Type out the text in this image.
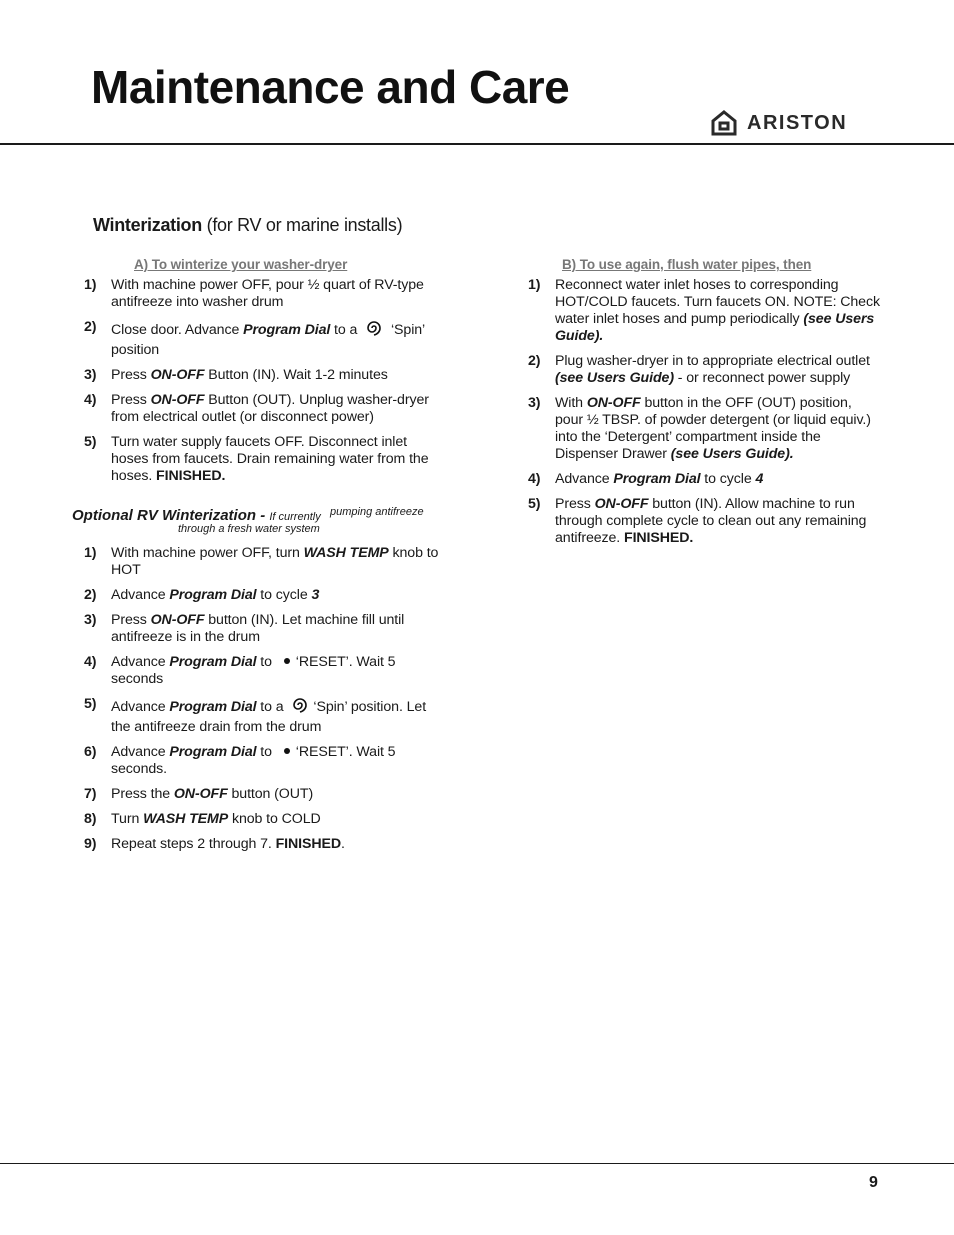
Maintenance and Care
ARISTON
Winterization (for RV or marine installs)
A) To winterize your washer-dryer
1) With machine power OFF, pour ½ quart of RV-type antifreeze into washer drum
2) Close door. Advance Program Dial to a  ‘Spin’ position
3) Press ON-OFF Button (IN). Wait 1-2 minutes
4) Press ON-OFF Button (OUT). Unplug washer-dryer from electrical outlet (or disconnect power)
5) Turn water supply faucets OFF. Disconnect inlet hoses from faucets. Drain remaining water from the hoses. FINISHED.
Optional RV Winterization - If currently pumping antifreeze
through a fresh water system
1) With machine power OFF, turn WASH TEMP knob to HOT
2) Advance Program Dial to cycle 3
3) Press ON-OFF button (IN). Let machine fill until antifreeze is in the drum
4) Advance Program Dial to ‘RESET’. Wait 5 seconds
5) Advance Program Dial to a ‘Spin’ position. Let the antifreeze drain from the drum
6) Advance Program Dial to ‘RESET’. Wait 5 seconds.
7) Press the ON-OFF button (OUT)
8) Turn WASH TEMP knob to COLD
9) Repeat steps 2 through 7. FINISHED.
B) To use again, flush water pipes, then
1) Reconnect water inlet hoses to corresponding HOT/COLD faucets. Turn faucets ON. NOTE: Check water inlet hoses and pump periodically (see Users Guide).
2) Plug washer-dryer in to appropriate electrical outlet (see Users Guide) - or reconnect power supply
3) With ON-OFF button in the OFF (OUT) position, pour ½ TBSP. of powder detergent (or liquid equiv.) into the ‘Detergent’ compartment inside the Dispenser Drawer (see Users Guide).
4) Advance Program Dial to cycle 4
5) Press ON-OFF button (IN). Allow machine to run through complete cycle to clean out any remaining antifreeze. FINISHED.
9
